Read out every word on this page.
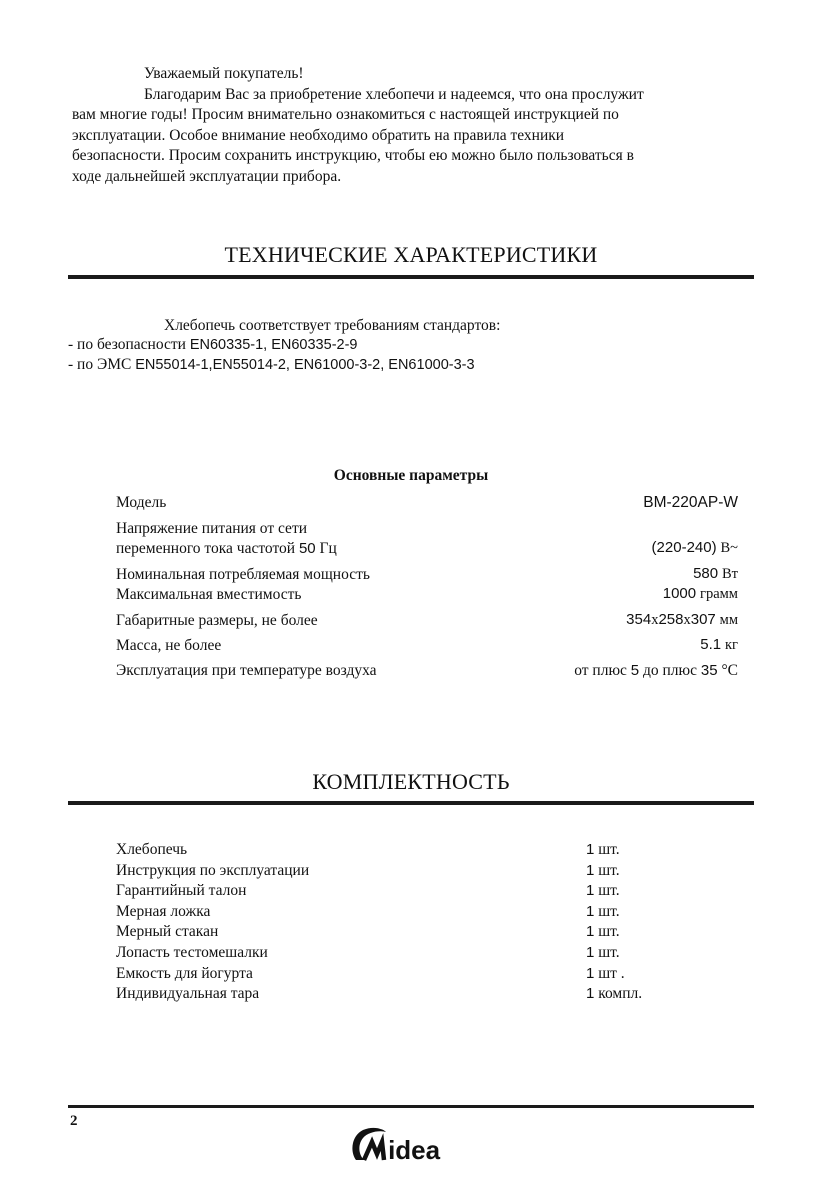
Уважаемый покупатель!

Благодарим Вас за приобретение хлебопечи и надеемся, что она прослужит

вам многие годы! Просим внимательно ознакомиться с настоящей инструкцией по

эксплуатации. Особое внимание необходимо обратить на правила техники

безопасности. Просим сохранить инструкцию, чтобы ею можно было пользоваться в

ходе дальнейшей эксплуатации прибора.

ТЕХНИЧЕСКИЕ ХАРАКТЕРИСТИКИ
Хлебопечь соответствует требованиям стандартов:
- по безопасности EN60335-1, EN60335-2-9
- по ЭМС EN55014-1,EN55014-2, EN61000-3-2, EN61000-3-3
Основные параметры
Модель	BM-220AP-W
Напряжение питания от сети
переменного тока частотой 50 Гц	(220-240) В~
Номинальная потребляемая мощность	580 Вт
Максимальная вместимость	1000 грамм
Габаритные размеры, не более	354х258х307 мм
Масса, не более	5.1 кг
Эксплуатация при температуре воздуха	от плюс 5 до плюс 35 °С
КОМПЛЕКТНОСТЬ
Хлебопечь	1 шт.
Инструкция по эксплуатации	1 шт.
Гарантийный талон	1 шт.
Мерная ложка	1 шт.
Мерный стакан	1 шт.
Лопасть тестомешалки	1 шт.
Емкость для йогурта	1 шт .
Индивидуальная тара	1 компл.
2
idea
